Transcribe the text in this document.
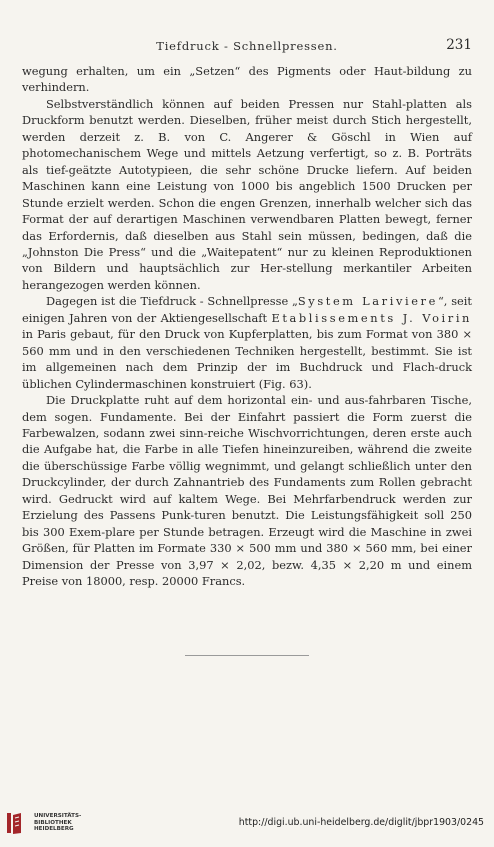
Tiefdruck - Schnellpressen.	231

wegung erhalten, um ein „Setzen“ des Pigments oder Haut-bildung zu verhindern.

Selbstverständlich können auf beiden Pressen nur Stahl-platten als Druckform benutzt werden. Dieselben, früher meist durch Stich hergestellt, werden derzeit z. B. von C. Angerer & Göschl in Wien auf photomechanischem Wege und mittels Aetzung verfertigt, so z. B. Porträts als tief-geätzte Autotypieen, die sehr schöne Drucke liefern. Auf beiden Maschinen kann eine Leistung von 1000 bis angeblich 1500 Drucken per Stunde erzielt werden. Schon die engen Grenzen, innerhalb welcher sich das Format der auf derartigen Maschinen verwendbaren Platten bewegt, ferner das Erfordernis, daß dieselben aus Stahl sein müssen, bedingen, daß die „Johnston Die Press“ und die „Waitepatent“ nur zu kleinen Reproduktionen von Bildern und hauptsächlich zur Her-stellung merkantiler Arbeiten herangezogen werden können.

Dagegen ist die Tiefdruck - Schnellpresse „System Lariviere“, seit einigen Jahren von der Aktiengesellschaft Etablissements J. Voirin in Paris gebaut, für den Druck von Kupferplatten, bis zum Format von 380 × 560 mm und in den verschiedenen Techniken hergestellt, bestimmt. Sie ist im allgemeinen nach dem Prinzip der im Buchdruck und Flach-druck üblichen Cylindermaschinen konstruiert (Fig. 63).

Die Druckplatte ruht auf dem horizontal ein- und aus-fahrbaren Tische, dem sogen. Fundamente. Bei der Einfahrt passiert die Form zuerst die Farbewalzen, sodann zwei sinn-reiche Wischvorrichtungen, deren erste auch die Aufgabe hat, die Farbe in alle Tiefen hineinzureiben, während die zweite die überschüssige Farbe völlig wegnimmt, und gelangt schließlich unter den Druckcylinder, der durch Zahnantrieb des Fundaments zum Rollen gebracht wird. Gedruckt wird auf kaltem Wege. Bei Mehrfarbendruck werden zur Erzielung des Passens Punk-turen benutzt. Die Leistungsfähigkeit soll 250 bis 300 Exem-plare per Stunde betragen. Erzeugt wird die Maschine in zwei Größen, für Platten im Formate 330 × 500 mm und 380 × 560 mm, bei einer Dimension der Presse von 3,97 × 2,02, bezw. 4,35 × 2,20 m und einem Preise von 18000, resp. 20000 Francs.

UNIVERSITÄTS-
BIBLIOTHEK
HEIDELBERG
http://digi.ub.uni-heidelberg.de/diglit/jbpr1903/0245
